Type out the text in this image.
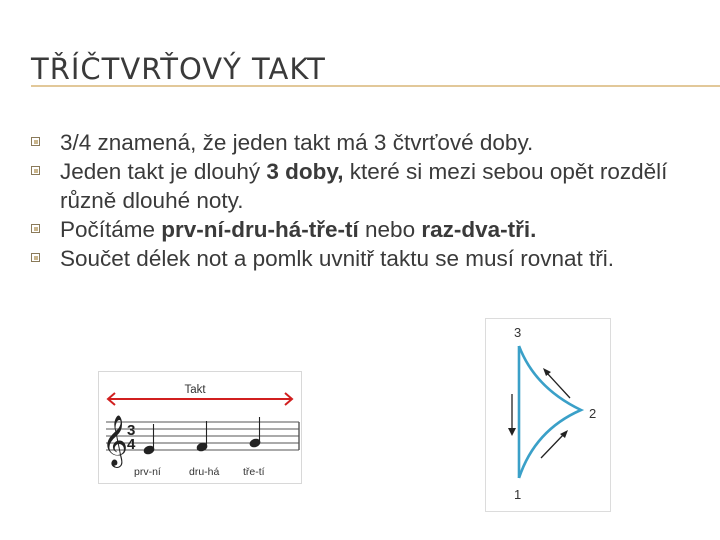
TŘÍČTVRŤOVÝ TAKT
3/4 znamená, že jeden takt má 3 čtvrťové doby.
Jeden takt je dlouhý 3 doby, které si mezi sebou opět rozdělí různě dlouhé noty.
Počítáme prv-ní-dru-há-tře-tí nebo raz-dva-tři.
Součet délek not a pomlk uvnitř taktu se musí rovnat tři.
Takt
𝄞
3
4
prv-ní	dru-há tře-tí
3
2
1
